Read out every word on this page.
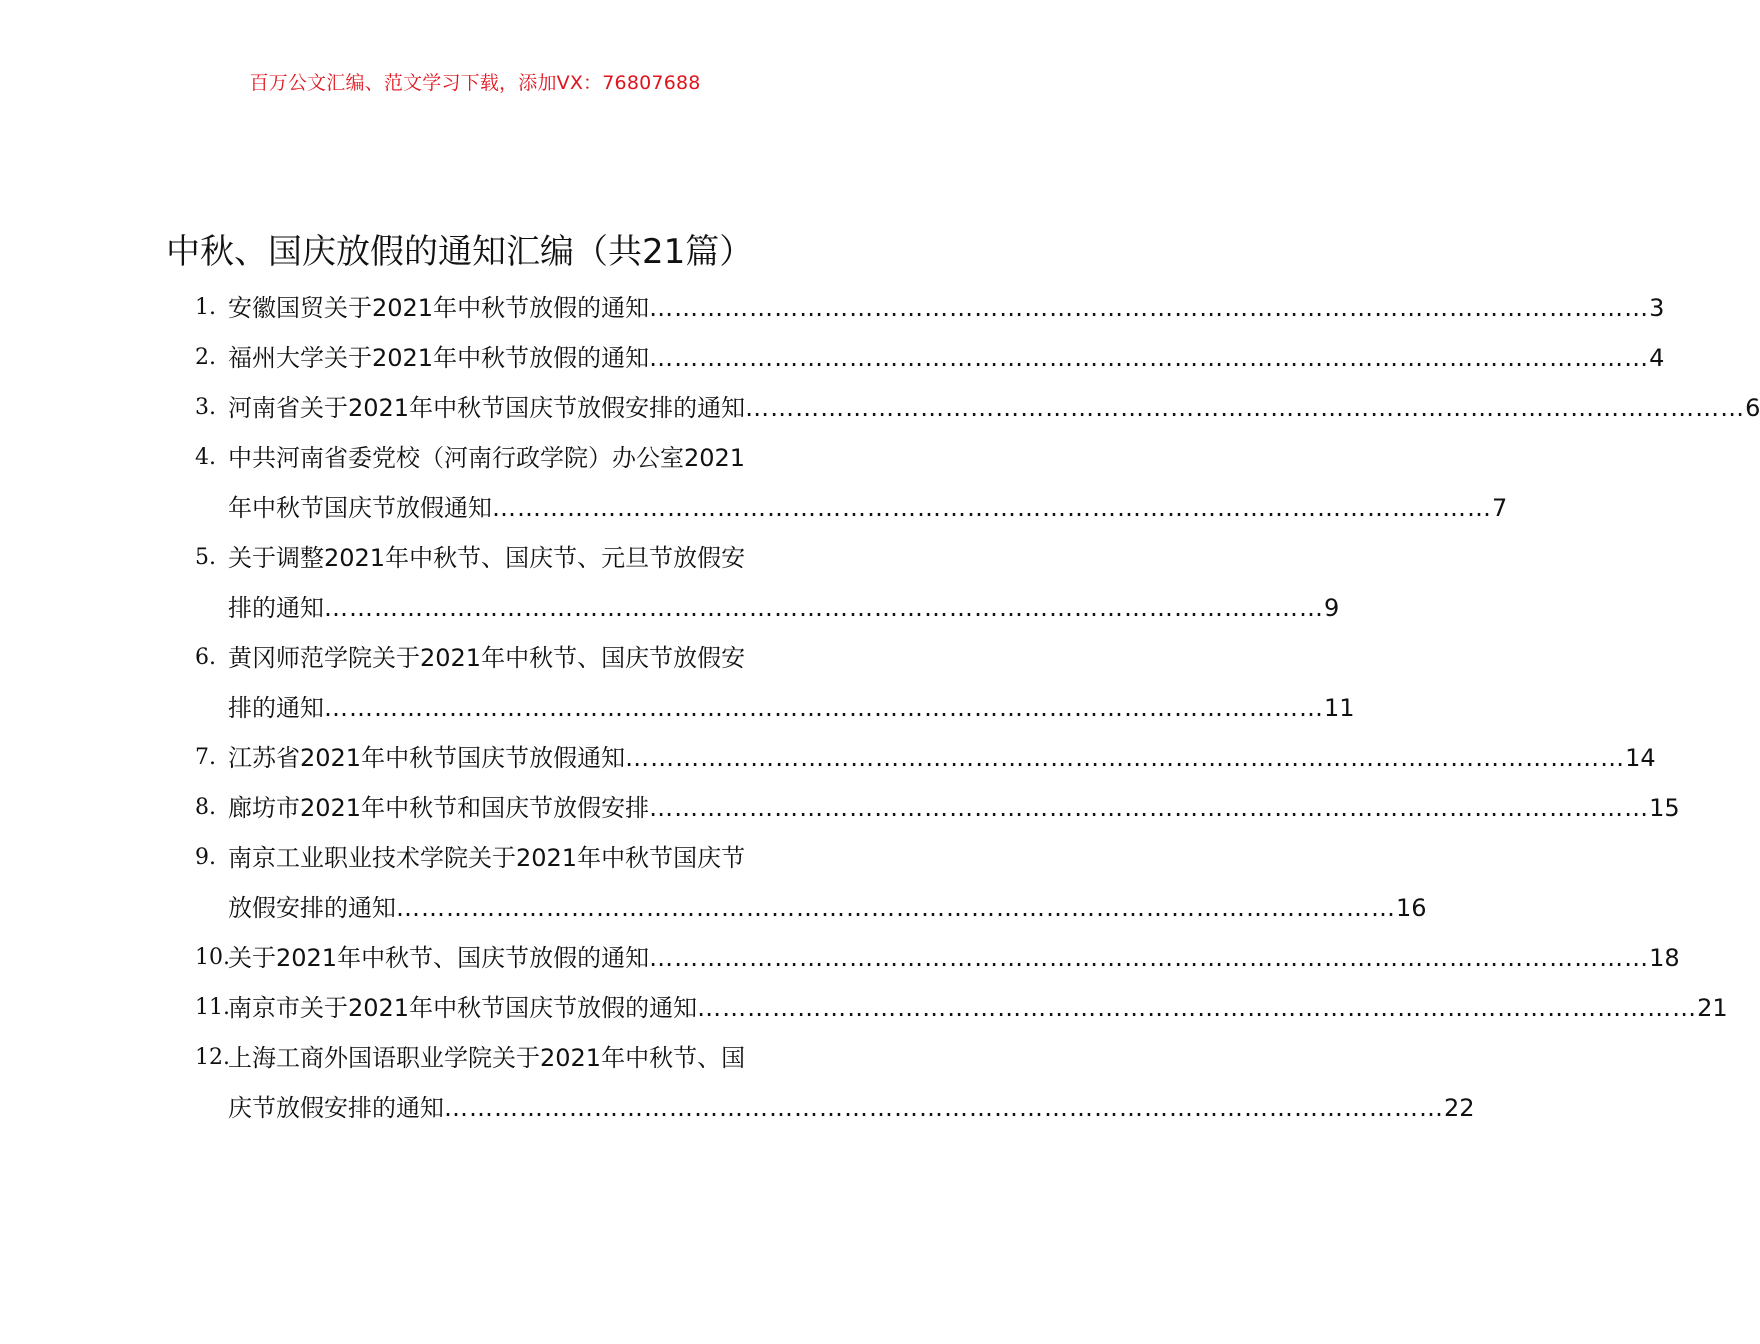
百万公文汇编、范文学习下载，添加VX：76807688
中秋、国庆放假的通知汇编（共21篇）
1. 安徽国贸关于2021年中秋节放假的通知 ………………………………………………………………………………………………………… 3
2. 福州大学关于2021年中秋节放假的通知 ………………………………………………………………………………………………………… 4
3. 河南省关于2021年中秋节国庆节放假安排的通知 ………………………………………………………………………………………………………… 6
4. 中共河南省委党校（河南行政学院）办公室2021
年中秋节国庆节放假通知 ………………………………………………………………………………………………………… 7
5. 关于调整2021年中秋节、国庆节、元旦节放假安
排的通知 ………………………………………………………………………………………………………… 9
6. 黄冈师范学院关于2021年中秋节、国庆节放假安
排的通知 ………………………………………………………………………………………………………… 11
7. 江苏省2021年中秋节国庆节放假通知 ………………………………………………………………………………………………………… 14
8. 廊坊市2021年中秋节和国庆节放假安排 ………………………………………………………………………………………………………… 15
9. 南京工业职业技术学院关于2021年中秋节国庆节
放假安排的通知 ………………………………………………………………………………………………………… 16
10.
关于2021年中秋节、国庆节放假的通知 ………………………………………………………………………………………………………… 18
11.
南京市关于2021年中秋节国庆节放假的通知 ………………………………………………………………………………………………………… 21
12.
上海工商外国语职业学院关于2021年中秋节、国
庆节放假安排的通知 ………………………………………………………………………………………………………… 22
